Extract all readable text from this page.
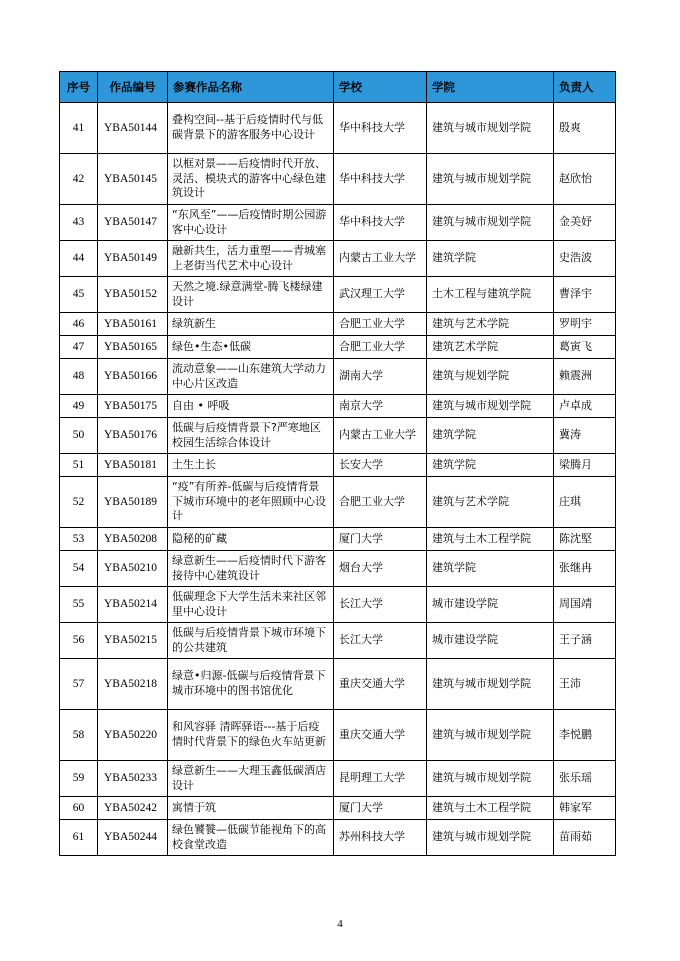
序号	作品编号	参赛作品名称	学校	学院	负责人
41	YBA50144	叠构空间--基于后疫情时代与低碳背景下的游客服务中心设计	华中科技大学	建筑与城市规划学院	殷爽
42	YBA50145	以框对景——后疫情时代开放、灵活、模块式的游客中心绿色建筑设计	华中科技大学	建筑与城市规划学院	赵欣怡
43	YBA50147	“东风至”——后疫情时期公园游客中心设计	华中科技大学	建筑与城市规划学院	金美妤
44	YBA50149	融新共生，活力重塑——青城塞上老街当代艺术中心设计	内蒙古工业大学	建筑学院	史浩波
45	YBA50152	天然之境.绿意满堂-腾飞楼绿建设计	武汉理工大学	土木工程与建筑学院	曹泽宇
46	YBA50161	绿筑新生	合肥工业大学	建筑与艺术学院	罗明宇
47	YBA50165	绿色•生态•低碳	合肥工业大学	建筑艺术学院	葛寅飞
48	YBA50166	流动意象——山东建筑大学动力中心片区改造	湖南大学	建筑与规划学院	赖震洲
49	YBA50175	自由 • 呼吸	南京大学	建筑与城市规划学院	卢卓成
50	YBA50176	低碳与后疫情背景下?严寒地区校园生活综合体设计	内蒙古工业大学	建筑学院	冀涛
51	YBA50181	土生土长	长安大学	建筑学院	梁腾月
52	YBA50189	“疫”有所养-低碳与后疫情背景下城市环境中的老年照顾中心设计	合肥工业大学	建筑与艺术学院	庄琪
53	YBA50208	隐秘的矿藏	厦门大学	建筑与土木工程学院	陈沈堅
54	YBA50210	绿意新生——后疫情时代下游客接待中心建筑设计	烟台大学	建筑学院	张继冉
55	YBA50214	低碳理念下大学生活未来社区邻里中心设计	长江大学	城市建设学院	周国靖
56	YBA50215	低碳与后疫情背景下城市环境下的公共建筑	长江大学	城市建设学院	王子涵
57	YBA50218	绿意•归源-低碳与后疫情背景下城市环境中的图书馆优化	重庆交通大学	建筑与城市规划学院	王沛
58	YBA50220	和风容驿 清晖驿语---基于后疫情时代背景下的绿色火车站更新	重庆交通大学	建筑与城市规划学院	李悦鹏
59	YBA50233	绿意新生——大理玉鑫低碳酒店设计	昆明理工大学	建筑与城市规划学院	张乐瑶
60	YBA50242	寓情于筑	厦门大学	建筑与土木工程学院	韩家军
61	YBA50244	绿色饕餮—低碳节能视角下的高校食堂改造	苏州科技大学	建筑与城市规划学院	苗雨茹
4
